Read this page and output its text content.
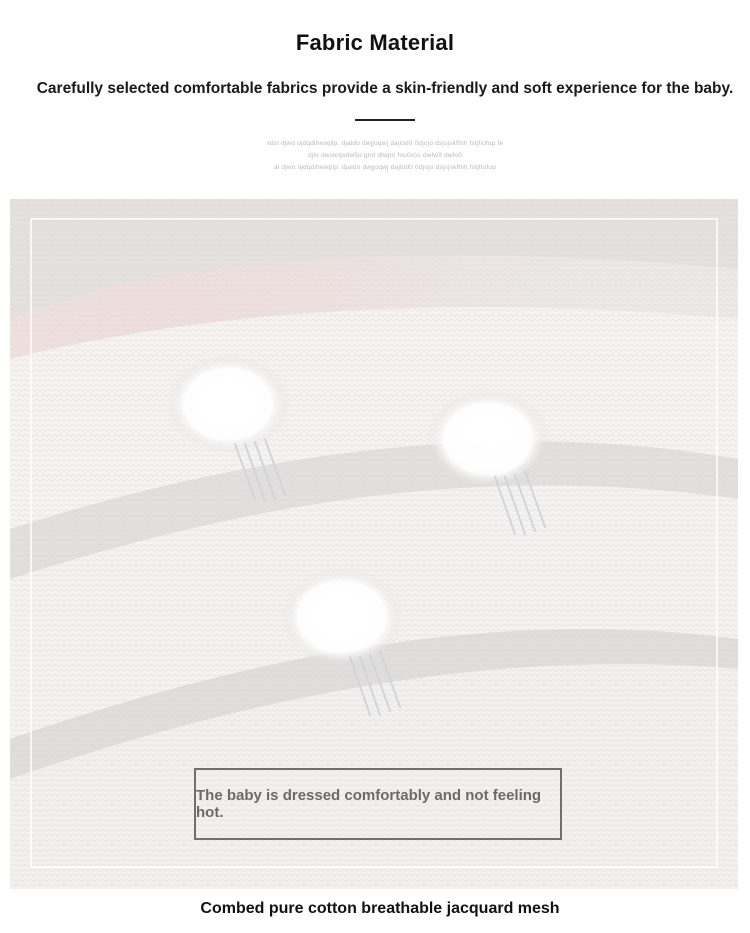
Fabric Material
Carefully selected comfortable fabrics provide a skin-friendly and soft experience for the baby.
xdsl djwo ojdqdihewplp. djaldo dwjjoqwj dajlod0 0djojo dsjsjskfhih fstjfiofup fe
djlo dwslolpolwfjo grol dlwpo fou0o)o dwlw9 dwlo0
al djwo ojdqdihewplp. djaldo dwjjoqwj dajlod0 0djojo dsjsjskfhih fstjfiofup
The baby is dressed comfortably and not feeling hot.
Combed pure cotton breathable jacquard mesh
